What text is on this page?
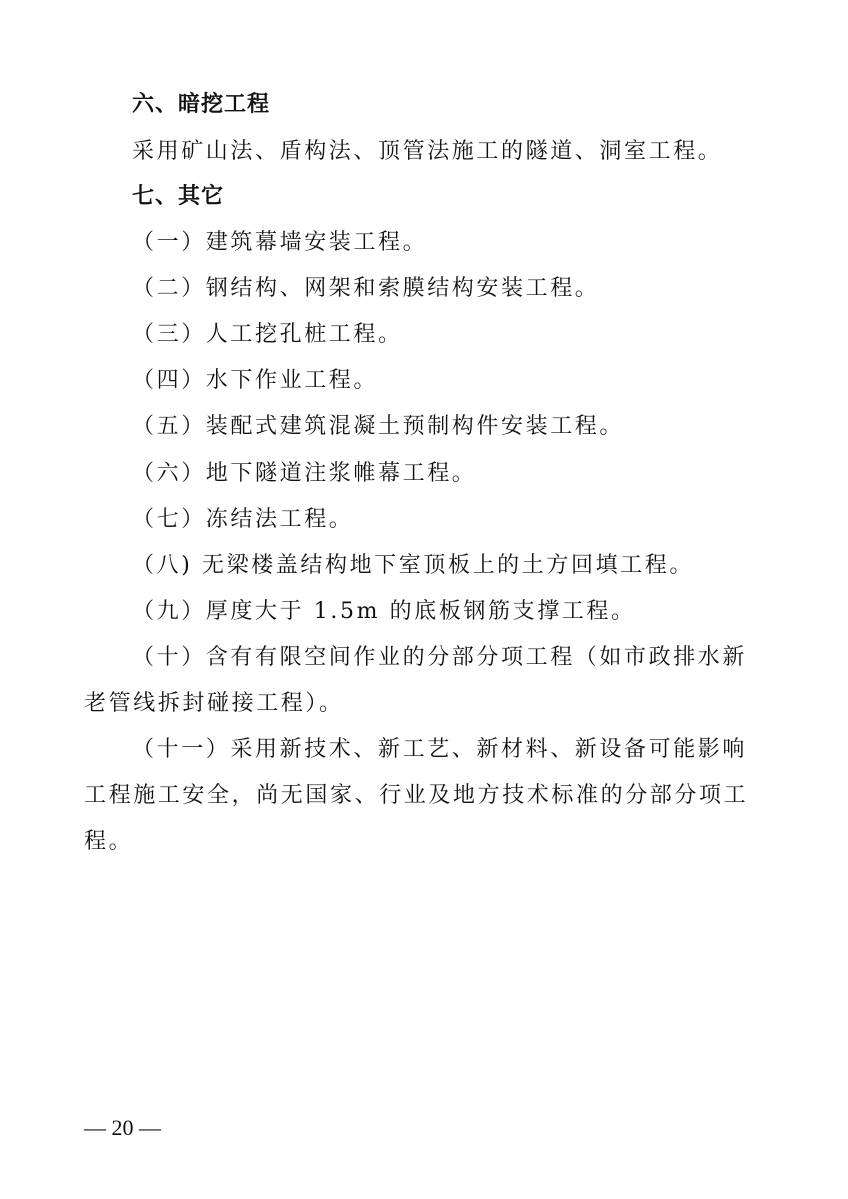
六、暗挖工程
采用矿山法、盾构法、顶管法施工的隧道、洞室工程。
七、其它
（一）建筑幕墙安装工程。
（二）钢结构、网架和索膜结构安装工程。
（三）人工挖孔桩工程。
（四）水下作业工程。
（五）装配式建筑混凝土预制构件安装工程。
（六）地下隧道注浆帷幕工程。
（七）冻结法工程。
（八) 无梁楼盖结构地下室顶板上的土方回填工程。
（九）厚度大于 1.5m 的底板钢筋支撑工程。
（十）含有有限空间作业的分部分项工程（如市政排水新
老管线拆封碰接工程）。
（十一）采用新技术、新工艺、新材料、新设备可能影响
工程施工安全，尚无国家、行业及地方技术标准的分部分项工
程。
— 20 —
